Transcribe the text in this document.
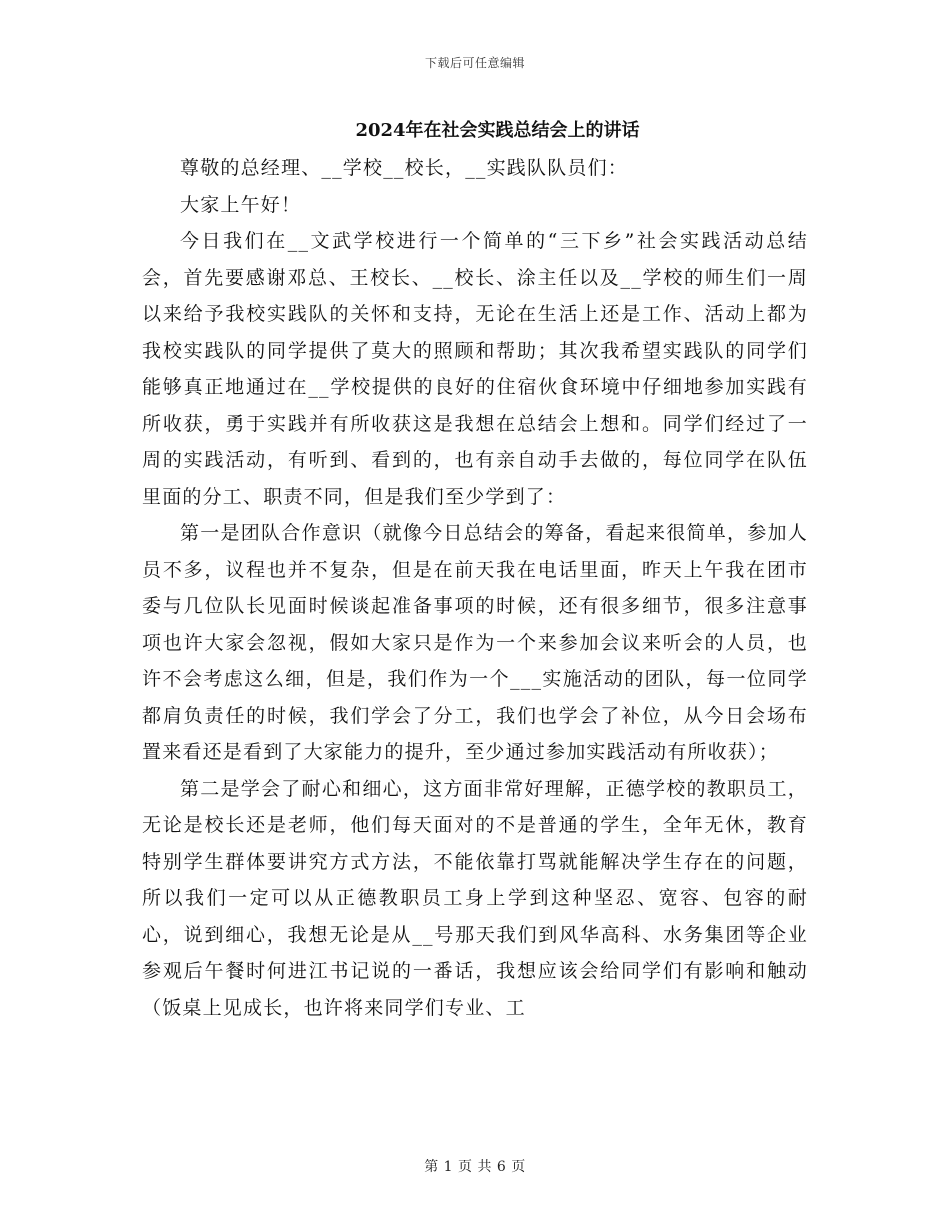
下载后可任意编辑
2024年在社会实践总结会上的讲话

尊敬的总经理、__学校__校长，__实践队队员们：

大家上午好！

今日我们在__文武学校进行一个简单的“三下乡”社会实践活动总结会，首先要感谢邓总、王校长、__校长、涂主任以及__学校的师生们一周以来给予我校实践队的关怀和支持，无论在生活上还是工作、活动上都为我校实践队的同学提供了莫大的照顾和帮助；其次我希望实践队的同学们能够真正地通过在__学校提供的良好的住宿伙食环境中仔细地参加实践有所收获，勇于实践并有所收获这是我想在总结会上想和。同学们经过了一周的实践活动，有听到、看到的，也有亲自动手去做的，每位同学在队伍里面的分工、职责不同，但是我们至少学到了：

第一是团队合作意识（就像今日总结会的筹备，看起来很简单，参加人员不多，议程也并不复杂，但是在前天我在电话里面，昨天上午我在团市委与几位队长见面时候谈起准备事项的时候，还有很多细节，很多注意事项也许大家会忽视，假如大家只是作为一个来参加会议来听会的人员，也许不会考虑这么细，但是，我们作为一个___实施活动的团队，每一位同学都肩负责任的时候，我们学会了分工，我们也学会了补位，从今日会场布置来看还是看到了大家能力的提升，至少通过参加实践活动有所收获）；

第二是学会了耐心和细心，这方面非常好理解，正德学校的教职员工，无论是校长还是老师，他们每天面对的不是普通的学生，全年无休，教育特别学生群体要讲究方式方法，不能依靠打骂就能解决学生存在的问题，所以我们一定可以从正德教职员工身上学到这种坚忍、宽容、包容的耐心，说到细心，我想无论是从__号那天我们到风华高科、水务集团等企业参观后午餐时何进江书记说的一番话，我想应该会给同学们有影响和触动（饭桌上见成长，也许将来同学们专业、工

第 1 页 共 6 页
